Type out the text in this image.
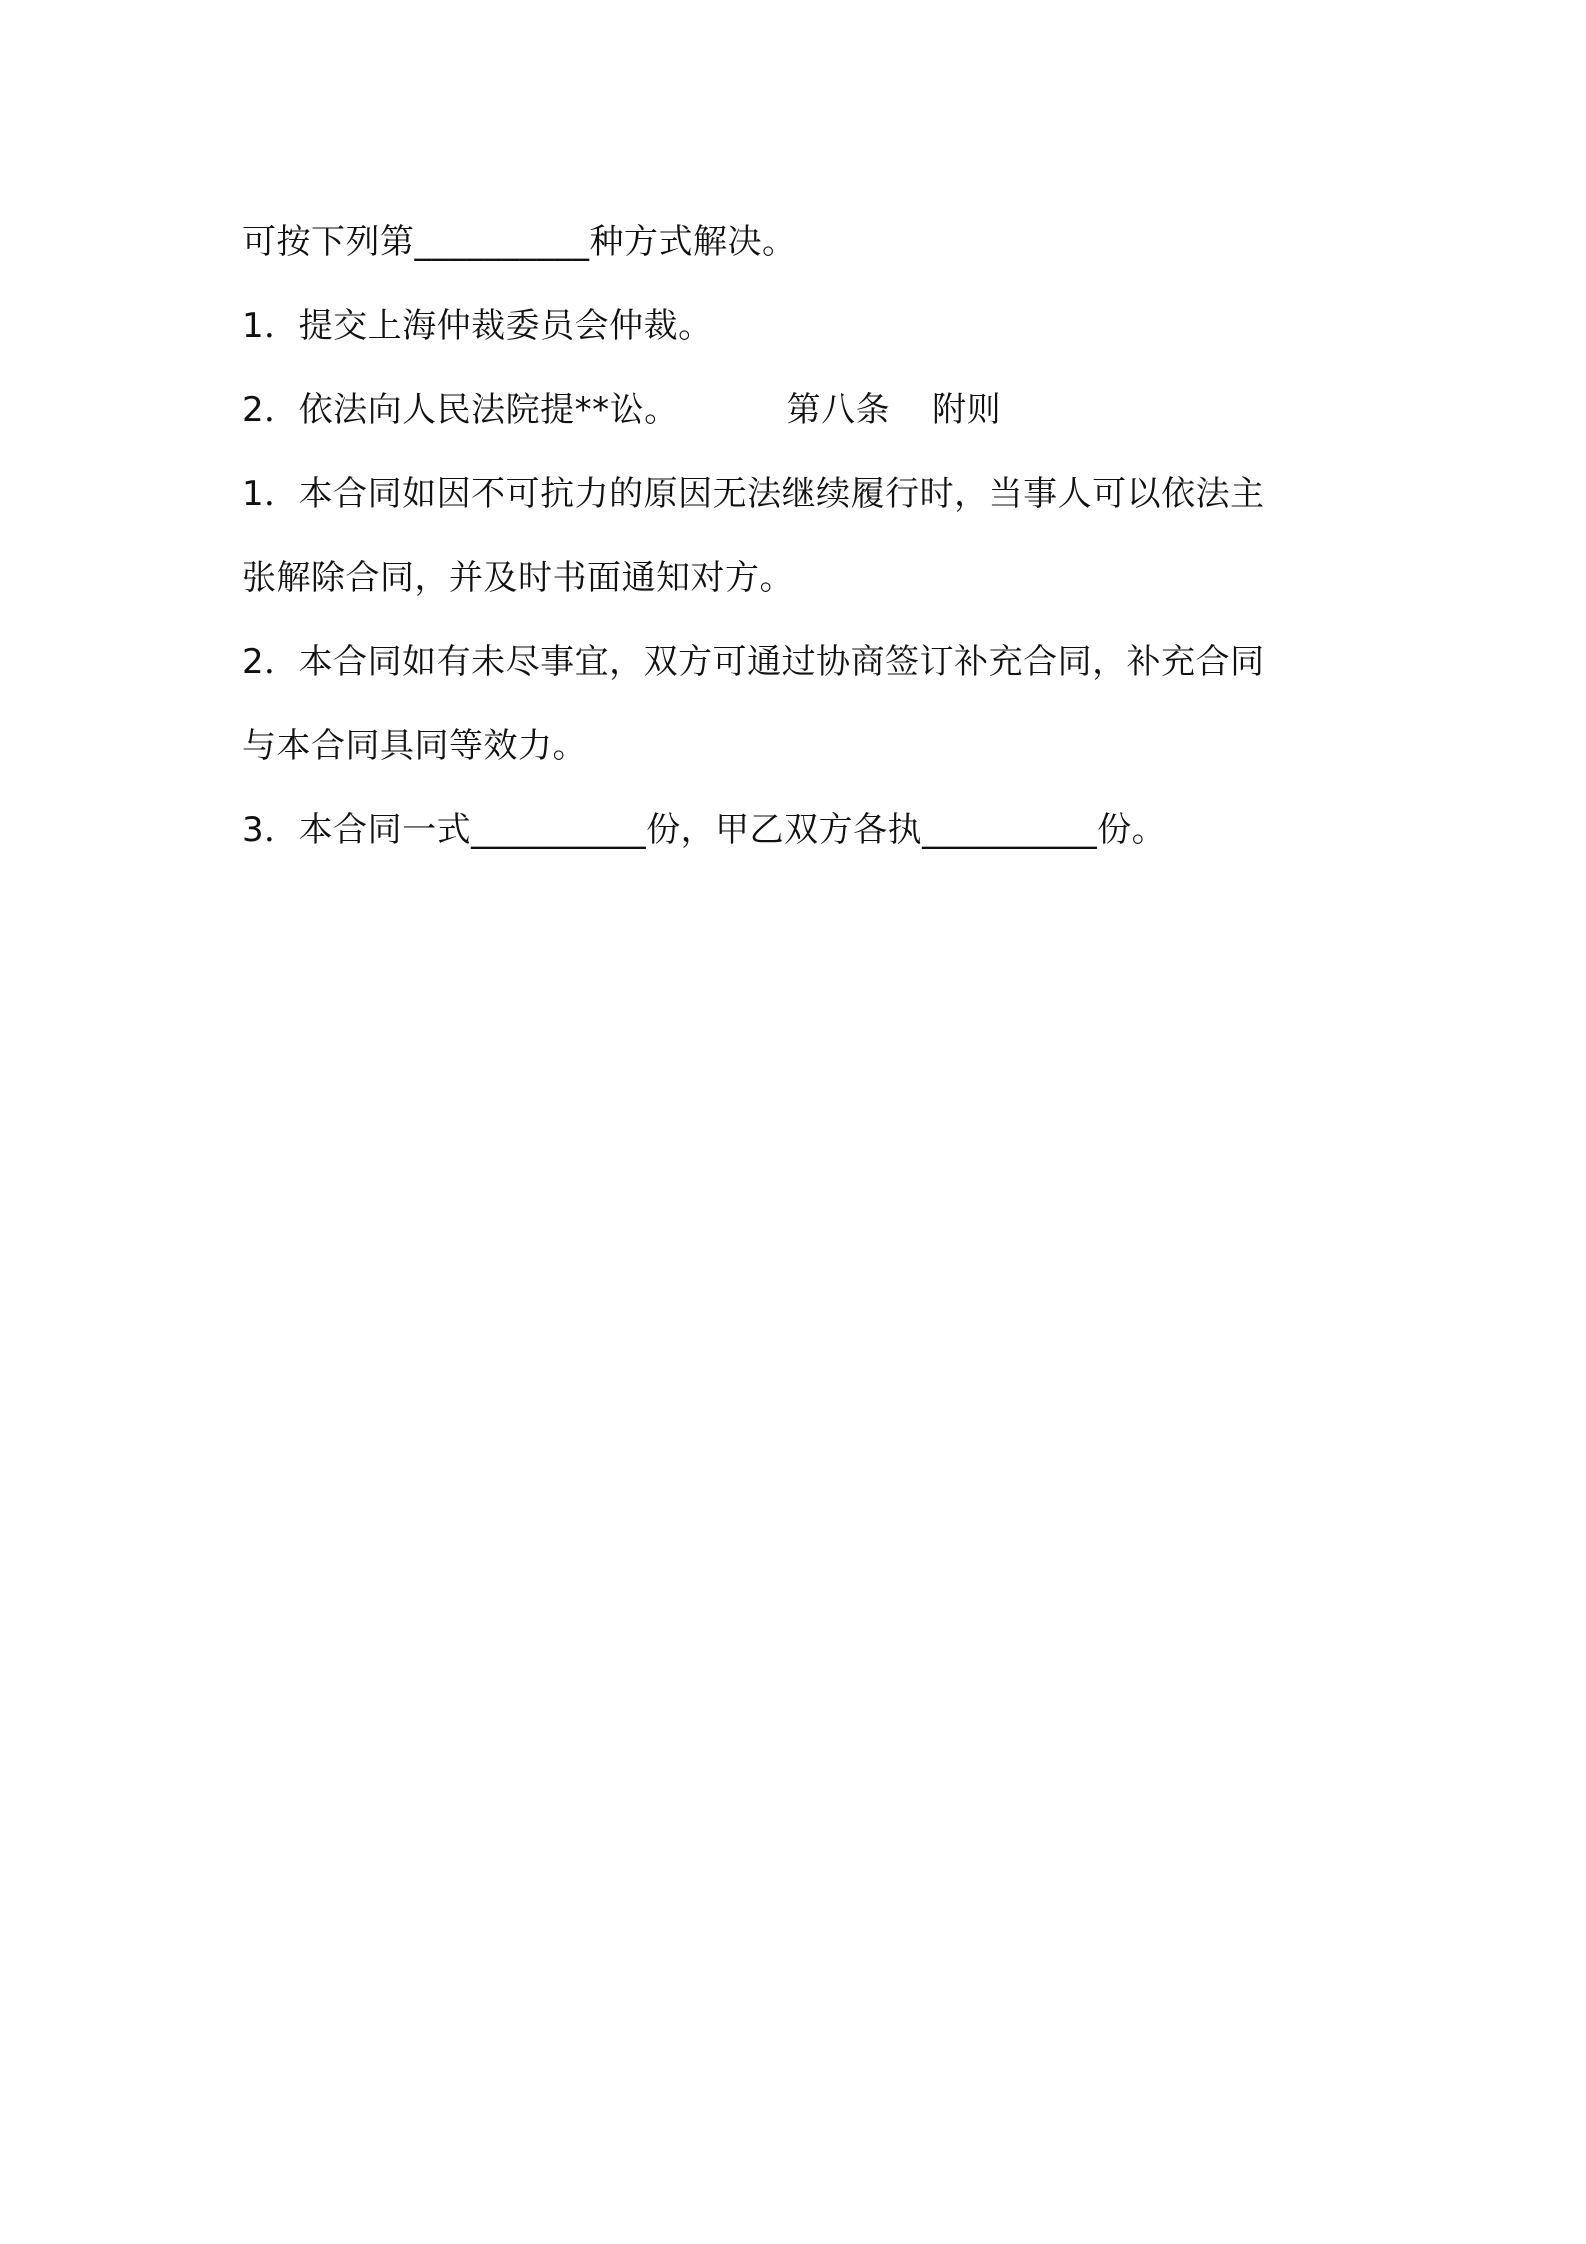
可按下列第__________种方式解决。
1．提交上海仲裁委员会仲裁。
2．依法向人民法院提**讼。	第八条 附则
1．本合同如因不可抗力的原因无法继续履行时，当事人可以依法主
张解除合同，并及时书面通知对方。
2．本合同如有未尽事宜，双方可通过协商签订补充合同，补充合同
与本合同具同等效力。
3．本合同一式__________份，甲乙双方各执__________份。
